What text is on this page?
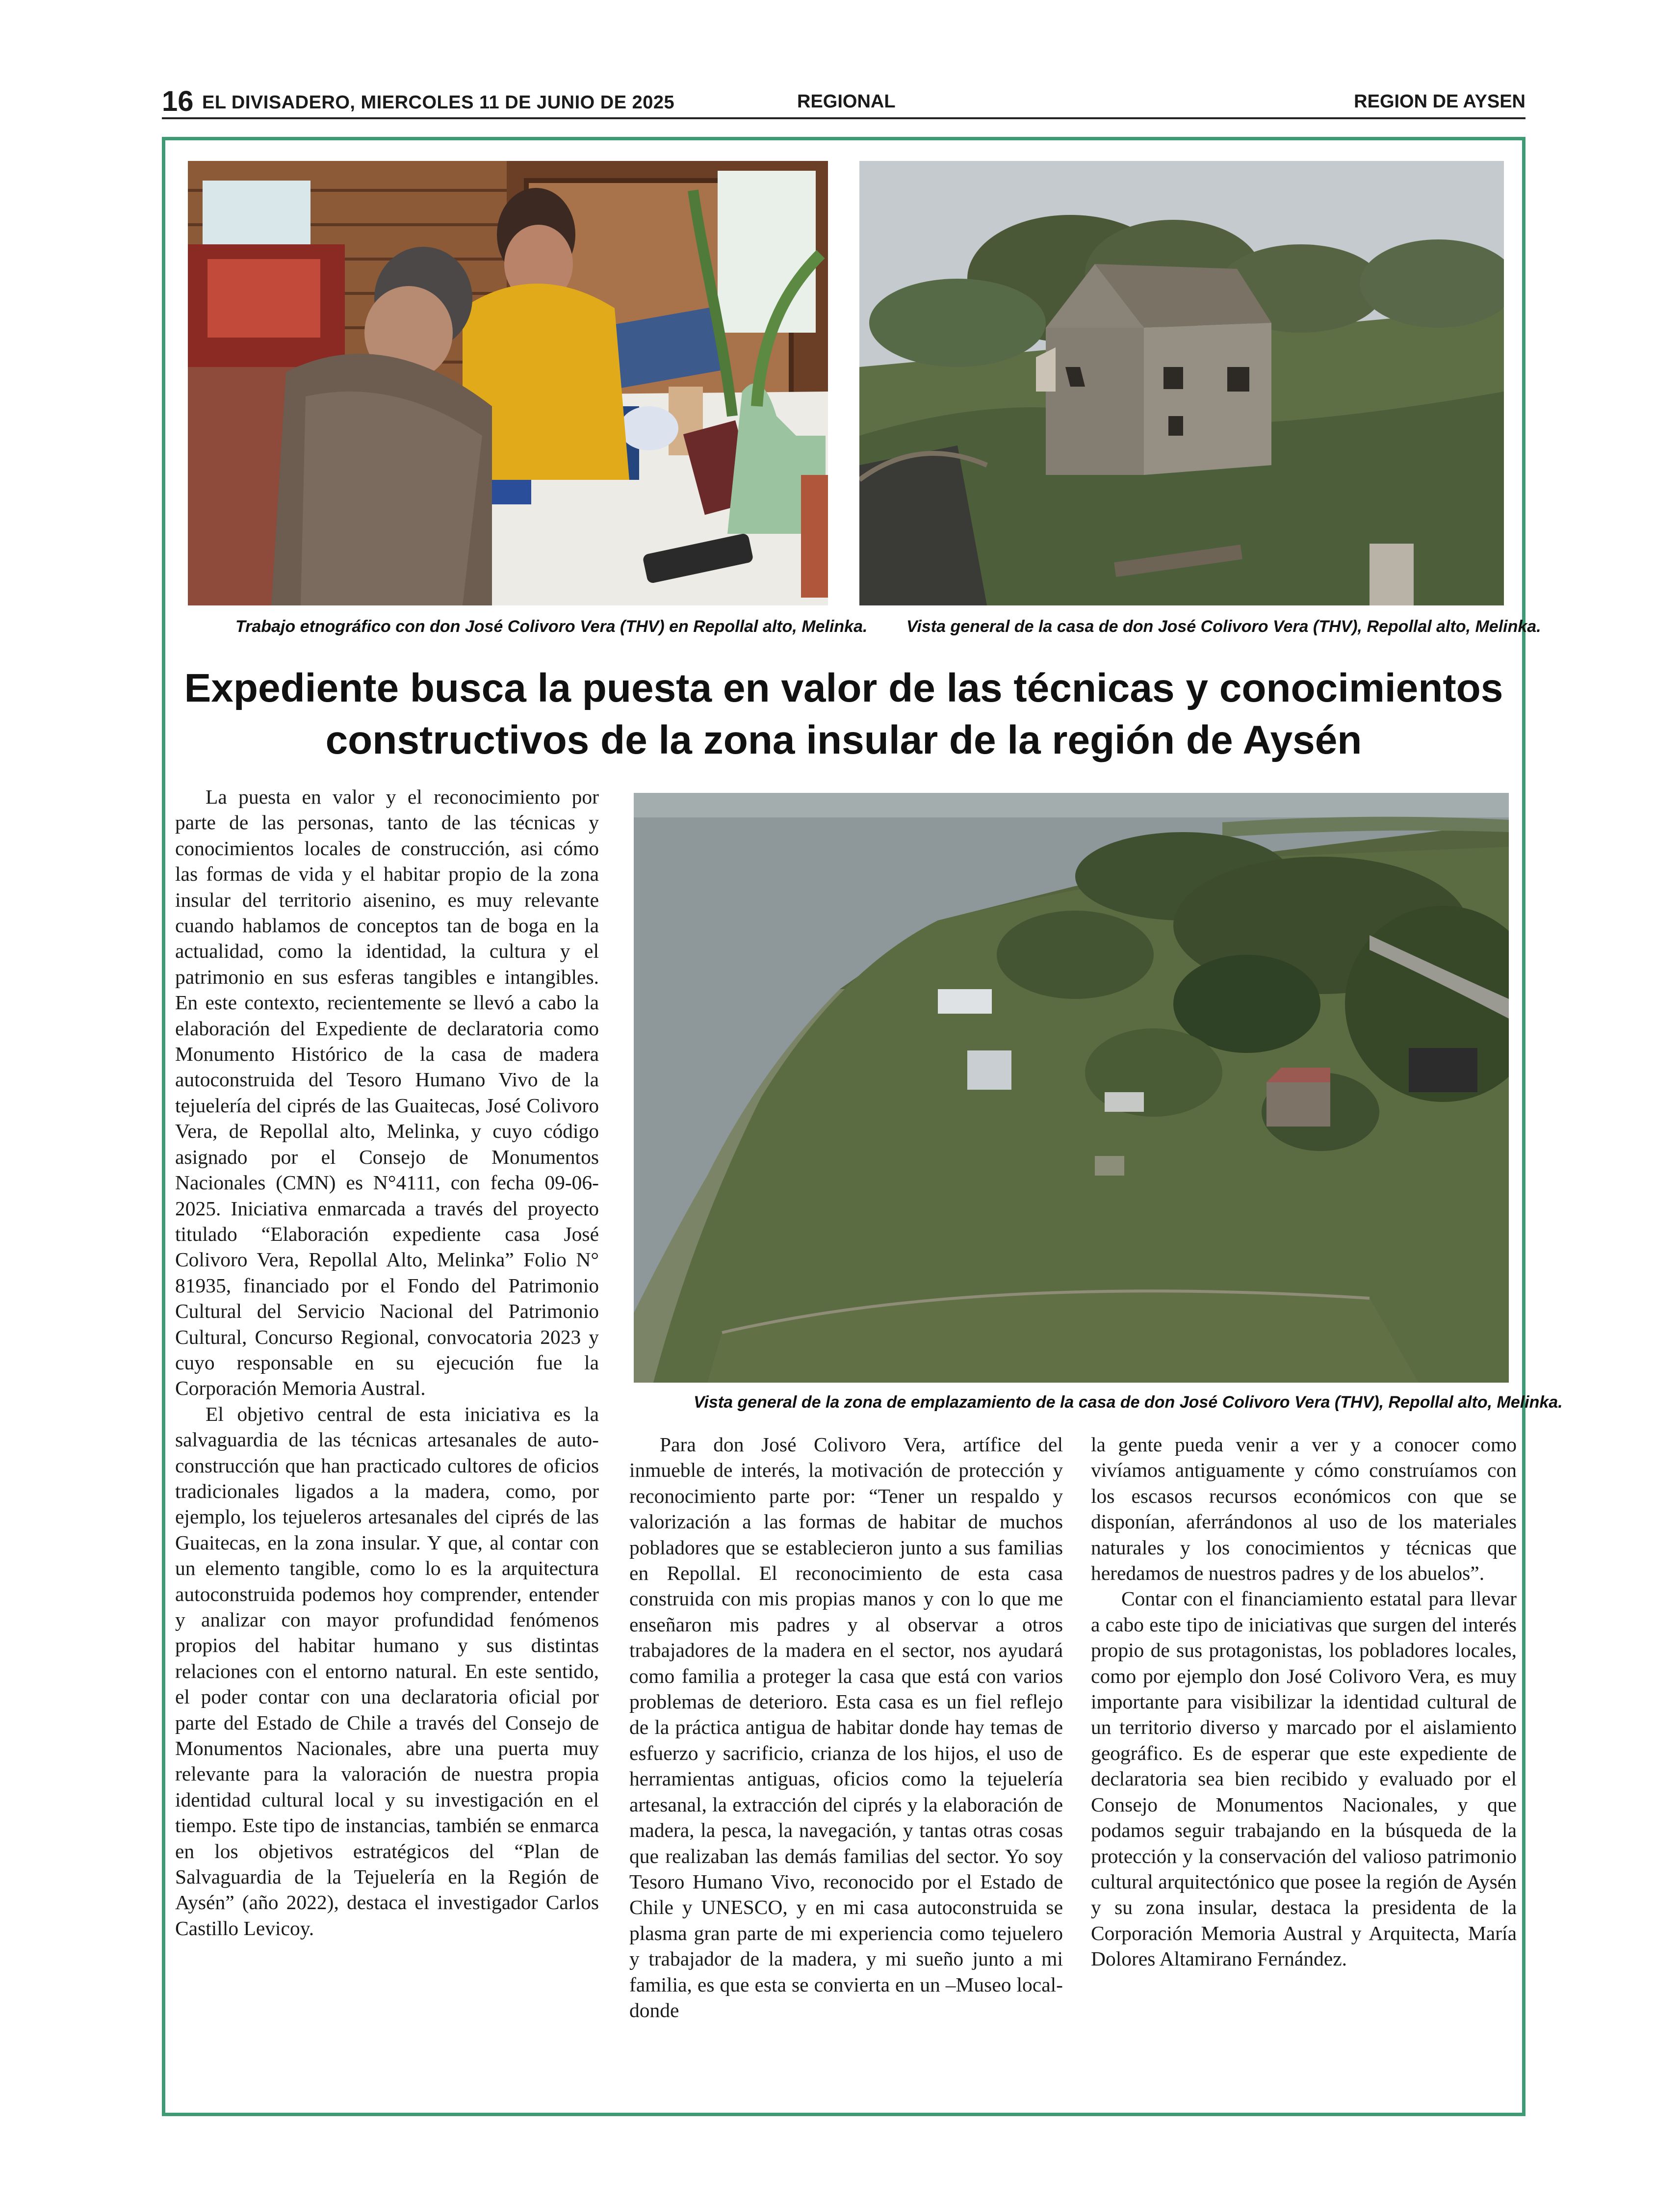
16 EL DIVISADERO, MIERCOLES 11 DE JUNIO DE 2025	REGIONAL	REGION DE AYSEN
Trabajo etnográfico con don José Colivoro Vera (THV) en Repollal alto, Melinka. Vista general de la casa de don José Colivoro Vera (THV), Repollal alto, Melinka.
Expediente busca la puesta en valor de las técnicas y conocimientos
constructivos de la zona insular de la región de Aysén
Vista general de la zona de emplazamiento de la casa de don José Colivoro Vera (THV), Repollal alto, Melinka.

La puesta en valor y el reconocimiento por parte de las personas, tanto de las técnicas y conocimientos locales de construcción, asi cómo las formas de vida y el habitar propio de la zona insular del territorio aisenino, es muy relevante cuando hablamos de conceptos tan de boga en la actualidad, como la identidad, la cultura y el patrimonio en sus esferas tangibles e intangibles. En este contexto, recientemente se llevó a cabo la elaboración del Expediente de declaratoria como Monumento Histórico de la casa de madera autoconstruida del Tesoro Humano Vivo de la tejuelería del ciprés de las Guaitecas, José Colivoro Vera, de Repollal alto, Melinka, y cuyo código asignado por el Consejo de Monumentos Nacionales (CMN) es N°4111, con fecha 09-06-2025. Iniciativa enmarcada a través del proyecto titulado “Elaboración expediente casa José Colivoro Vera, Repollal Alto, Melinka” Folio N° 81935, financiado por el Fondo del Patrimonio Cultural del Servicio Nacional del Patrimonio Cultural, Concurso Regional, convocatoria 2023 y cuyo responsable en su ejecución fue la Corporación Memoria Austral.

El objetivo central de esta iniciativa es la salvaguardia de las técnicas artesanales de auto-construcción que han practicado cultores de oficios tradicionales ligados a la madera, como, por ejemplo, los tejueleros artesanales del ciprés de las Guaitecas, en la zona insular. Y que, al contar con un elemento tangible, como lo es la arquitectura autoconstruida podemos hoy comprender, entender y analizar con mayor profundidad fenómenos propios del habitar humano y sus distintas relaciones con el entorno natural. En este sentido, el poder contar con una declaratoria oficial por parte del Estado de Chile a través del Consejo de Monumentos Nacionales, abre una puerta muy relevante para la valoración de nuestra propia identidad cultural local y su investigación en el tiempo. Este tipo de instancias, también se enmarca en los objetivos estratégicos del “Plan de Salvaguardia de la Tejuelería en la Región de Aysén” (año 2022), destaca el investigador Carlos Castillo Levicoy.

Para don José Colivoro Vera, artífice del inmueble de interés, la motivación de protección y reconocimiento parte por: “Tener un respaldo y valorización a las formas de habitar de muchos pobladores que se establecieron junto a sus familias en Repollal. El reconocimiento de esta casa construida con mis propias manos y con lo que me enseñaron mis padres y al observar a otros trabajadores de la madera en el sector, nos ayudará como familia a proteger la casa que está con varios problemas de deterioro. Esta casa es un fiel reflejo de la práctica antigua de habitar donde hay temas de esfuerzo y sacrificio, crianza de los hijos, el uso de herramientas antiguas, oficios como la tejuelería artesanal, la extracción del ciprés y la elaboración de madera, la pesca, la navegación, y tantas otras cosas que realizaban las demás familias del sector. Yo soy Tesoro Humano Vivo, reconocido por el Estado de Chile y UNESCO, y en mi casa autoconstruida se plasma gran parte de mi experiencia como tejuelero y trabajador de la madera, y mi sueño junto a mi familia, es que esta se convierta en un –Museo local- donde

la gente pueda venir a ver y a conocer como vivíamos antiguamente y cómo construíamos con los escasos recursos económicos con que se disponían, aferrándonos al uso de los materiales naturales y los conocimientos y técnicas que heredamos de nuestros padres y de los abuelos”.

Contar con el financiamiento estatal para llevar a cabo este tipo de iniciativas que surgen del interés propio de sus protagonistas, los pobladores locales, como por ejemplo don José Colivoro Vera, es muy importante para visibilizar la identidad cultural de un territorio diverso y marcado por el aislamiento geográfico. Es de esperar que este expediente de declaratoria sea bien recibido y evaluado por el Consejo de Monumentos Nacionales, y que podamos seguir trabajando en la búsqueda de la protección y la conservación del valioso patrimonio cultural arquitectónico que posee la región de Aysén y su zona insular, destaca la presidenta de la Corporación Memoria Austral y Arquitecta, María Dolores Altamirano Fernández.
